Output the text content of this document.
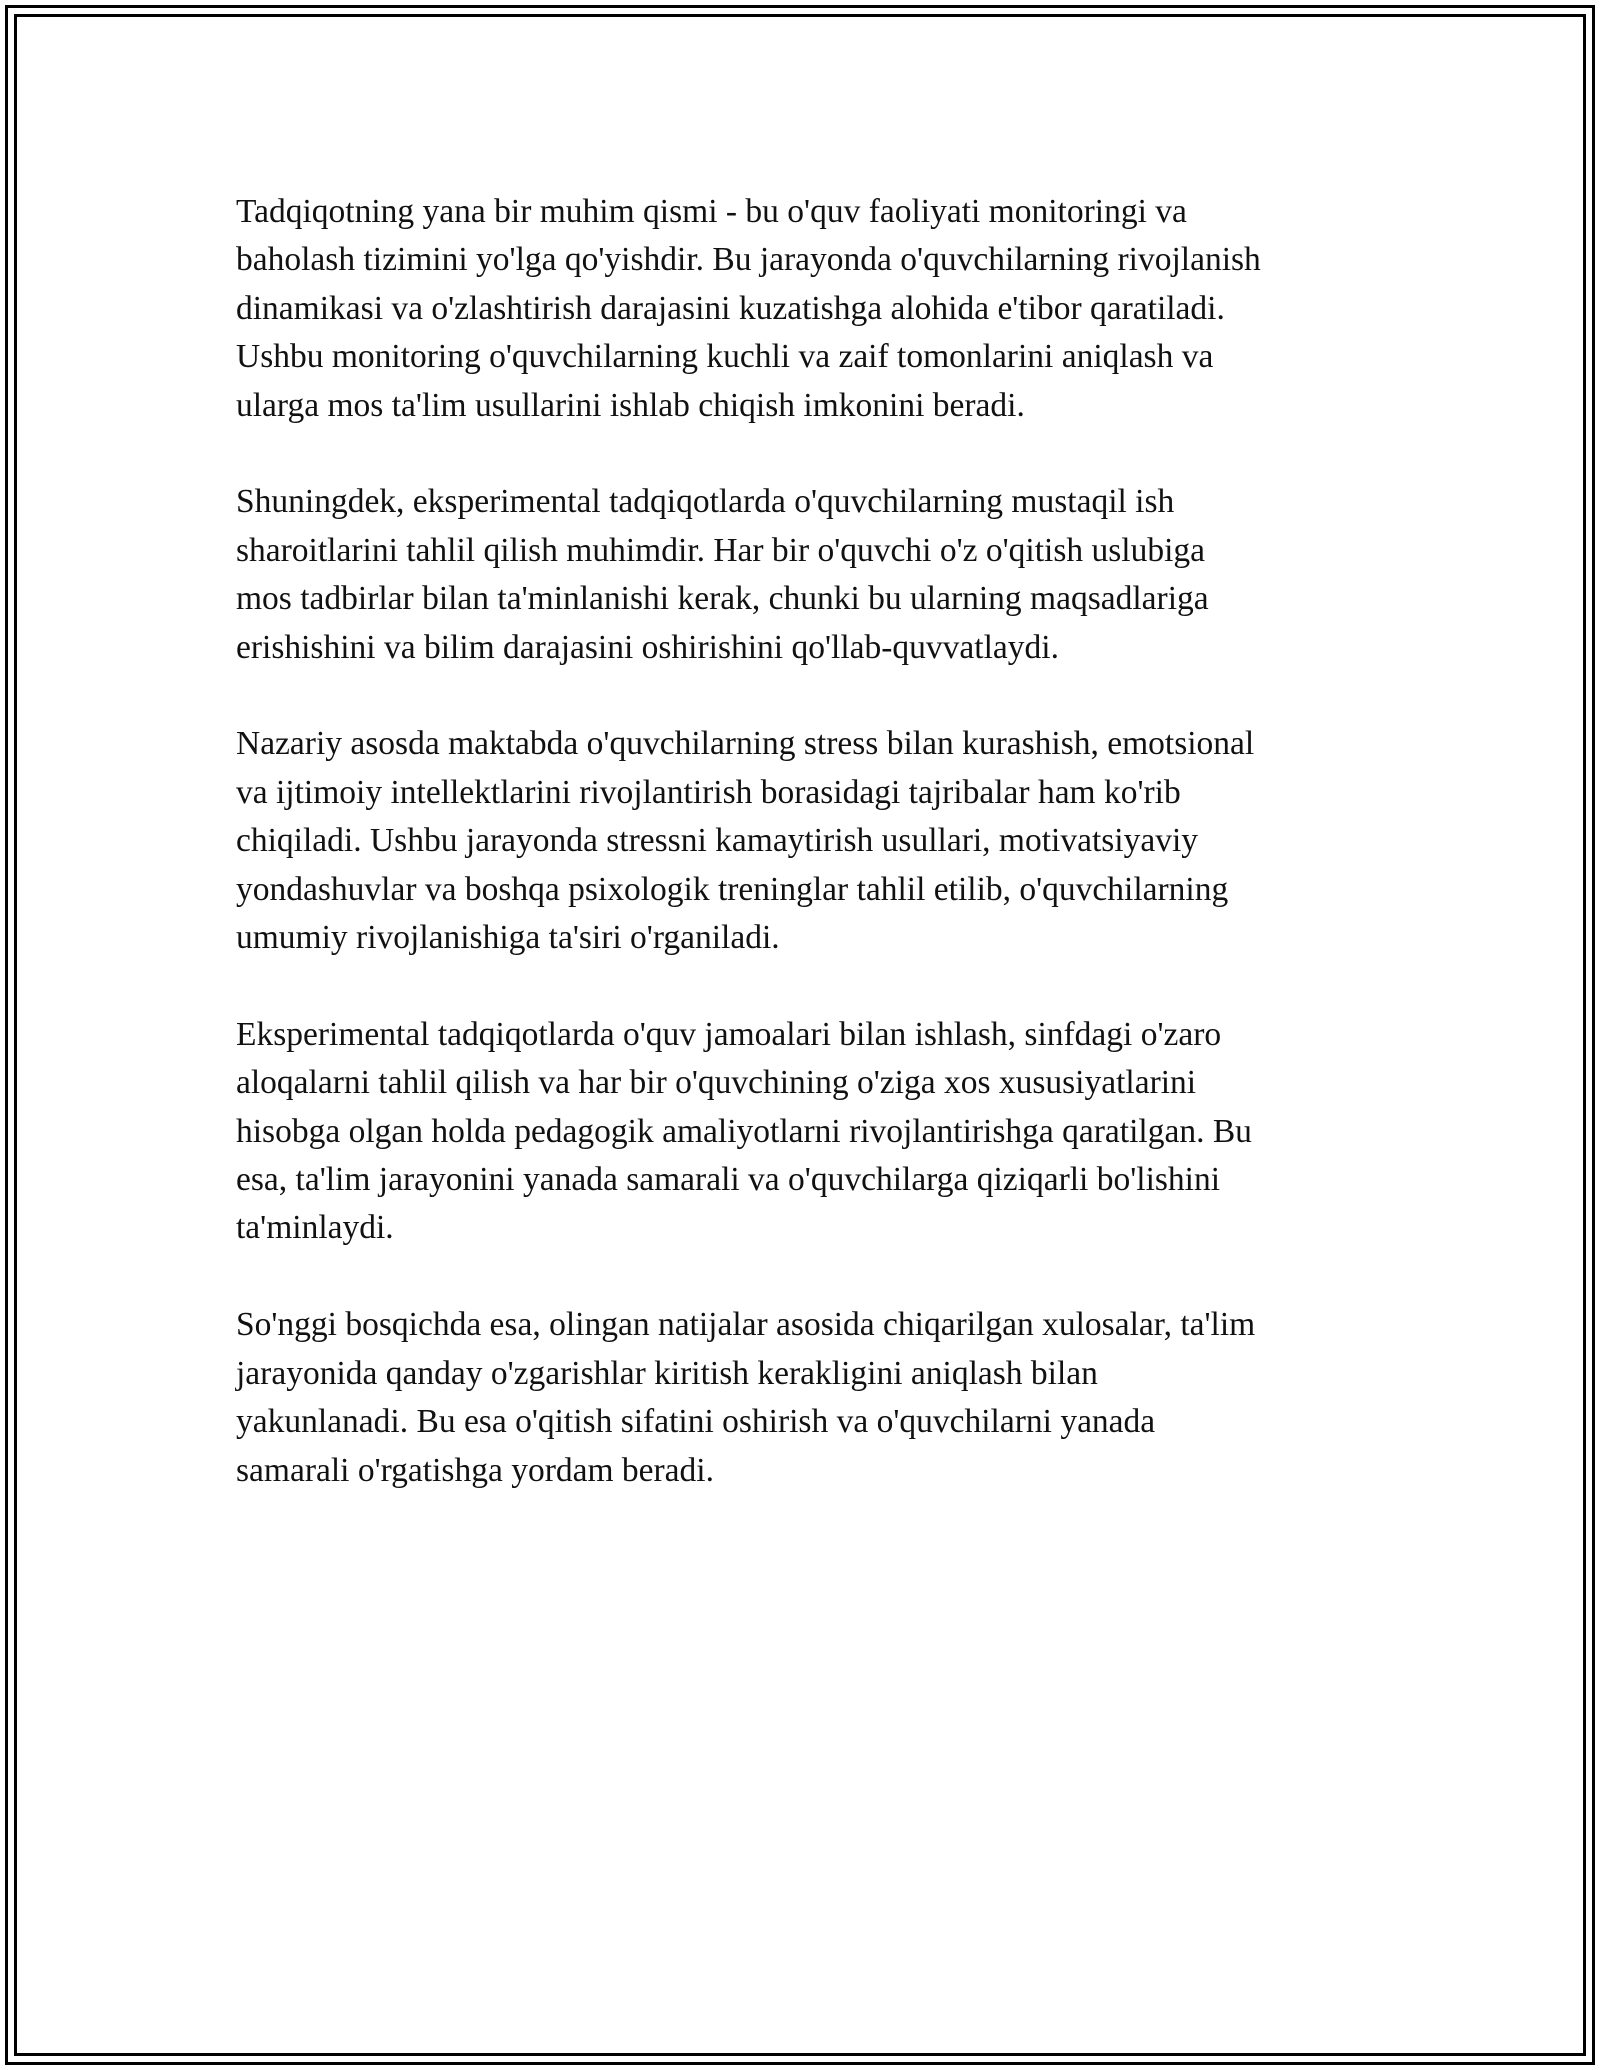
Tadqiqotning yana bir muhim qismi - bu o'quv faoliyati monitoringi va
baholash tizimini yo'lga qo'yishdir. Bu jarayonda o'quvchilarning rivojlanish
dinamikasi va o'zlashtirish darajasini kuzatishga alohida e'tibor qaratiladi.
Ushbu monitoring o'quvchilarning kuchli va zaif tomonlarini aniqlash va
ularga mos ta'lim usullarini ishlab chiqish imkonini beradi.

Shuningdek, eksperimental tadqiqotlarda o'quvchilarning mustaqil ish
sharoitlarini tahlil qilish muhimdir. Har bir o'quvchi o'z o'qitish uslubiga
mos tadbirlar bilan ta'minlanishi kerak, chunki bu ularning maqsadlariga
erishishini va bilim darajasini oshirishini qo'llab-quvvatlaydi.

Nazariy asosda maktabda o'quvchilarning stress bilan kurashish, emotsional
va ijtimoiy intellektlarini rivojlantirish borasidagi tajribalar ham ko'rib
chiqiladi. Ushbu jarayonda stressni kamaytirish usullari, motivatsiyaviy
yondashuvlar va boshqa psixologik treninglar tahlil etilib, o'quvchilarning
umumiy rivojlanishiga ta'siri o'rganiladi.

Eksperimental tadqiqotlarda o'quv jamoalari bilan ishlash, sinfdagi o'zaro
aloqalarni tahlil qilish va har bir o'quvchining o'ziga xos xususiyatlarini
hisobga olgan holda pedagogik amaliyotlarni rivojlantirishga qaratilgan. Bu
esa, ta'lim jarayonini yanada samarali va o'quvchilarga qiziqarli bo'lishini
ta'minlaydi.

So'nggi bosqichda esa, olingan natijalar asosida chiqarilgan xulosalar, ta'lim
jarayonida qanday o'zgarishlar kiritish kerakligini aniqlash bilan
yakunlanadi. Bu esa o'qitish sifatini oshirish va o'quvchilarni yanada
samarali o'rgatishga yordam beradi.
